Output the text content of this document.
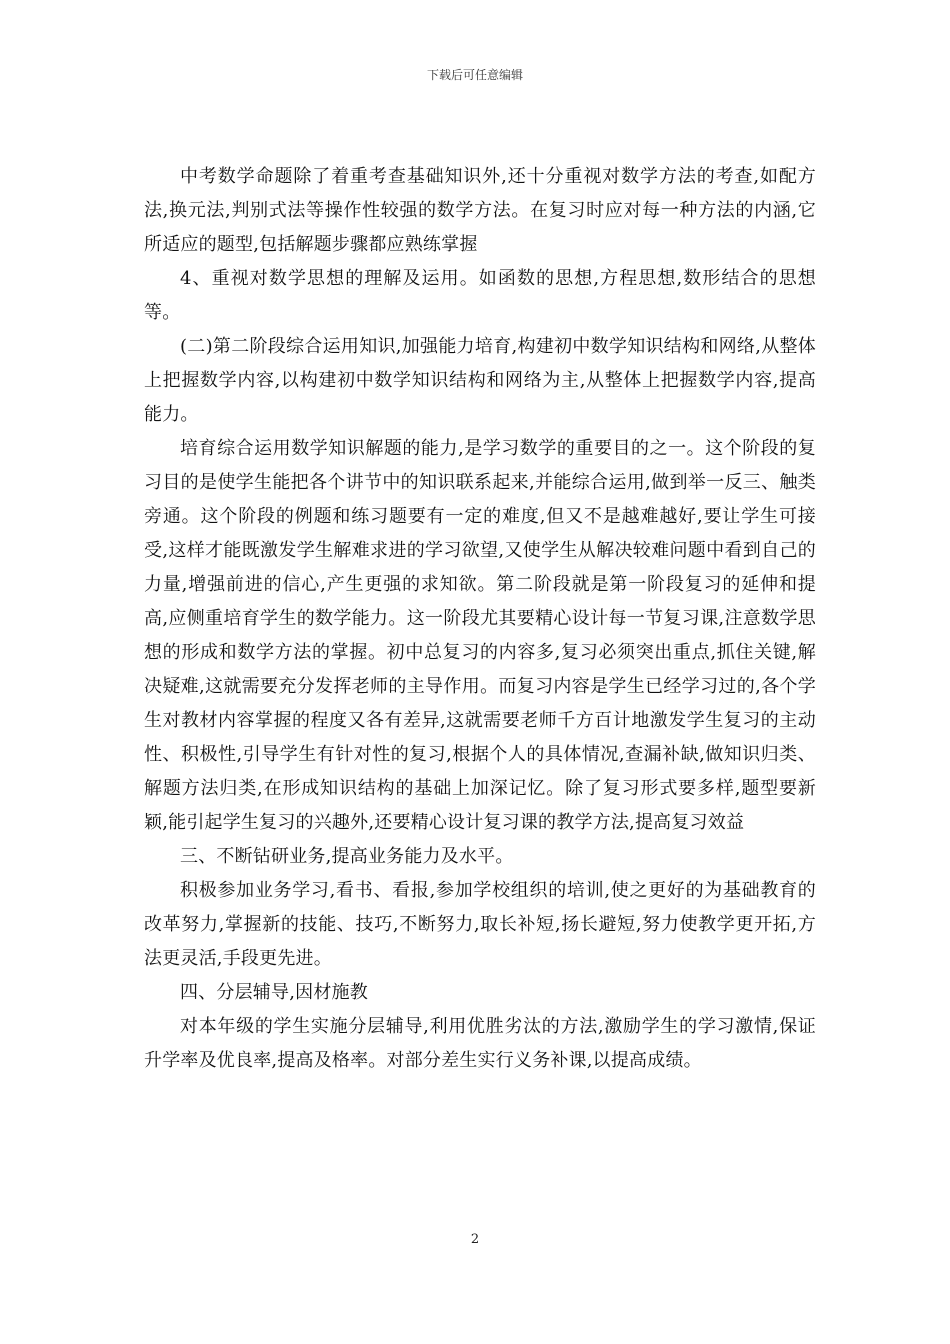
下载后可任意编辑

中考数学命题除了着重考查基础知识外,还十分重视对数学方法的考查,如配方法,换元法,判别式法等操作性较强的数学方法。在复习时应对每一种方法的内涵,它所适应的题型,包括解题步骤都应熟练掌握

4、重视对数学思想的理解及运用。如函数的思想,方程思想,数形结合的思想等。

(二)第二阶段综合运用知识,加强能力培育,构建初中数学知识结构和网络,从整体上把握数学内容,以构建初中数学知识结构和网络为主,从整体上把握数学内容,提高能力。

培育综合运用数学知识解题的能力,是学习数学的重要目的之一。这个阶段的复习目的是使学生能把各个讲节中的知识联系起来,并能综合运用,做到举一反三、触类旁通。这个阶段的例题和练习题要有一定的难度,但又不是越难越好,要让学生可接受,这样才能既激发学生解难求进的学习欲望,又使学生从解决较难问题中看到自己的力量,增强前进的信心,产生更强的求知欲。第二阶段就是第一阶段复习的延伸和提高,应侧重培育学生的数学能力。这一阶段尤其要精心设计每一节复习课,注意数学思想的形成和数学方法的掌握。初中总复习的内容多,复习必须突出重点,抓住关键,解决疑难,这就需要充分发挥老师的主导作用。而复习内容是学生已经学习过的,各个学生对教材内容掌握的程度又各有差异,这就需要老师千方百计地激发学生复习的主动性、积极性,引导学生有针对性的复习,根据个人的具体情况,查漏补缺,做知识归类、解题方法归类,在形成知识结构的基础上加深记忆。除了复习形式要多样,题型要新颖,能引起学生复习的兴趣外,还要精心设计复习课的教学方法,提高复习效益

三、不断钻研业务,提高业务能力及水平。

积极参加业务学习,看书、看报,参加学校组织的培训,使之更好的为基础教育的改革努力,掌握新的技能、技巧,不断努力,取长补短,扬长避短,努力使教学更开拓,方法更灵活,手段更先进。

四、分层辅导,因材施教

对本年级的学生实施分层辅导,利用优胜劣汰的方法,激励学生的学习激情,保证升学率及优良率,提高及格率。对部分差生实行义务补课,以提高成绩。

2
